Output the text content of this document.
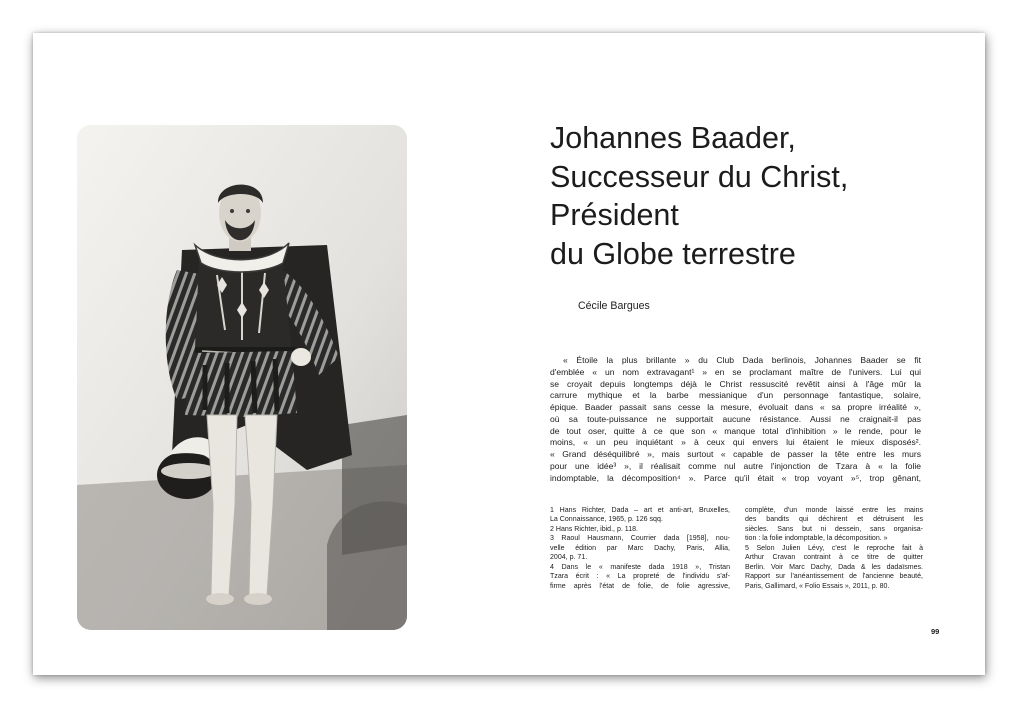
Johannes Baader,
Successeur du Christ,
Président
du Globe terrestre
Cécile Bargues
« Étoile la plus brillante » du Club Dada berlinois, Johannes Baader se fit
d'emblée « un nom extravagant¹ » en se proclamant maître de l'univers. Lui qui
se croyait depuis longtemps déjà le Christ ressuscité revêtit ainsi à l'âge mûr la
carrure mythique et la barbe messianique d'un personnage fantastique, solaire,
épique. Baader passait sans cesse la mesure, évoluait dans « sa propre irréalité »,
où sa toute-puissance ne supportait aucune résistance. Aussi ne craignait-il pas
de tout oser, quitte à ce que son « manque total d'inhibition » le rende, pour le
moins, « un peu inquiétant » à ceux qui envers lui étaient le mieux disposés².
« Grand déséquilibré », mais surtout « capable de passer la tête entre les murs
pour une idée³ », il réalisait comme nul autre l'injonction de Tzara à « la folie
indomptable, la décomposition⁴ ». Parce qu'il était « trop voyant »⁵, trop gênant,
1 Hans Richter, Dada – art et anti-art, Bruxelles,
La Connaissance, 1965, p. 126 sqq.
2 Hans Richter, ibid., p. 118.
3 Raoul Hausmann, Courrier dada [1958], nou-
velle édition par Marc Dachy, Paris, Allia,
2004, p. 71.
4 Dans le « manifeste dada 1918 », Tristan
Tzara écrit : « La propreté de l'individu s'af-
firme après l'état de folie, de folie agressive,
complète, d'un monde laissé entre les mains
des bandits qui déchirent et détruisent les
siècles. Sans but ni dessein, sans organisa-
tion : la folie indomptable, la décomposition. »
5 Selon Julien Lévy, c'est le reproche fait à
Arthur Cravan contraint à ce titre de quitter
Berlin. Voir Marc Dachy, Dada & les dadaïsmes.
Rapport sur l'anéantissement de l'ancienne beauté,
Paris, Gallimard, « Folio Essais », 2011, p. 80.
99
